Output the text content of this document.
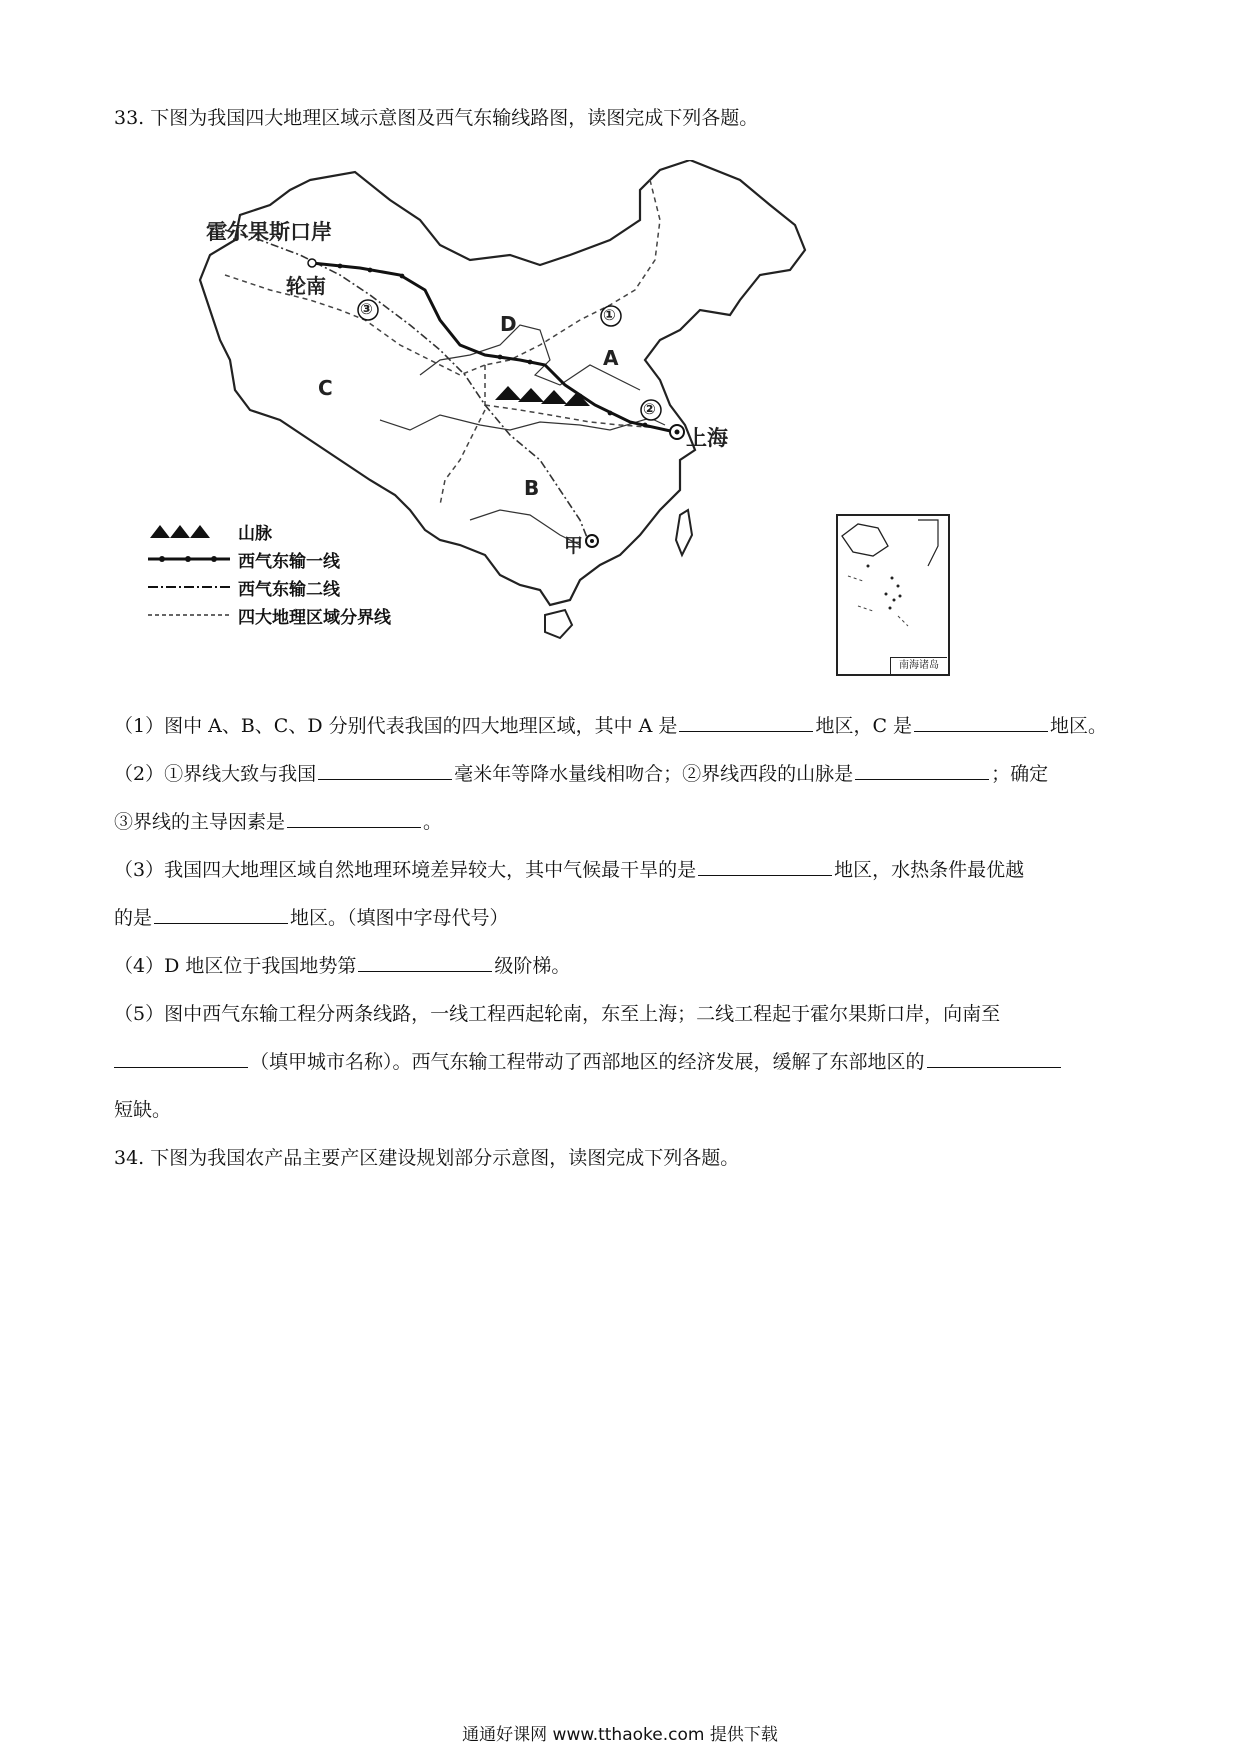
33. 下图为我国四大地理区域示意图及西气东输线路图，读图完成下列各题。
霍尔果斯口岸
轮南
上海
甲
A
B
C
D
③	①
②
山脉
西气东输一线
西气东输二线
四大地理区域分界线
南海诸岛
（1）图中 A、B、C、D 分别代表我国的四大地理区域，其中 A 是	地区，C 是	地区。
（2）①界线大致与我国	毫米年等降水量线相吻合；②界线西段的山脉是	；确定
③界线的主导因素是	。
（3）我国四大地理区域自然地理环境差异较大，其中气候最干旱的是	地区，水热条件最优越
的是	地区。（填图中字母代号）
（4）D 地区位于我国地势第	级阶梯。
（5）图中西气东输工程分两条线路，一线工程西起轮南，东至上海；二线工程起于霍尔果斯口岸，向南至
（填甲城市名称）。西气东输工程带动了西部地区的经济发展，缓解了东部地区的
短缺。
34. 下图为我国农产品主要产区建设规划部分示意图，读图完成下列各题。
通通好课网 www.tthaoke.com 提供下载
